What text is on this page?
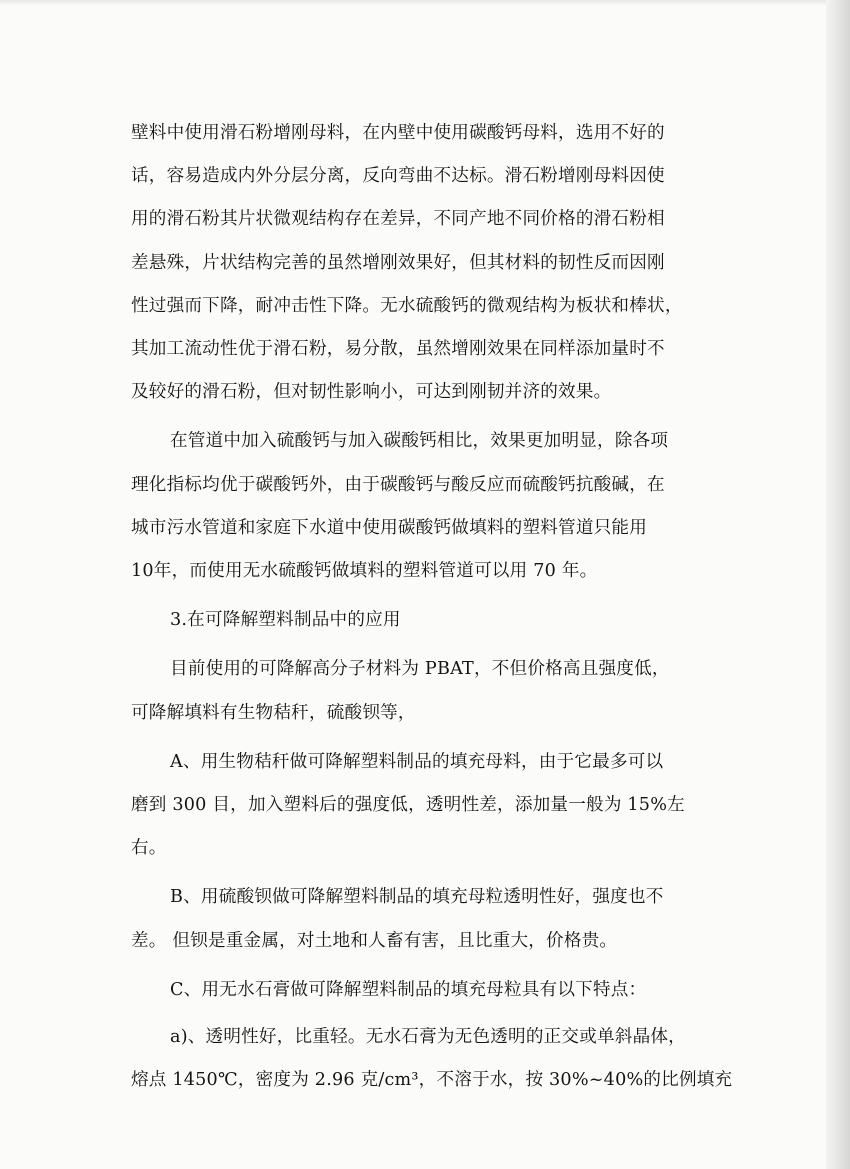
壁料中使用滑石粉增刚母料，在内壁中使用碳酸钙母料，选用不好的
话，容易造成内外分层分离，反向弯曲不达标。滑石粉增刚母料因使
用的滑石粉其片状微观结构存在差异，不同产地不同价格的滑石粉相
差悬殊，片状结构完善的虽然增刚效果好，但其材料的韧性反而因刚
性过强而下降，耐冲击性下降。无水硫酸钙的微观结构为板状和棒状，
其加工流动性优于滑石粉，易分散，虽然增刚效果在同样添加量时不
及较好的滑石粉，但对韧性影响小，可达到刚韧并济的效果。

在管道中加入硫酸钙与加入碳酸钙相比，效果更加明显，除各项
理化指标均优于碳酸钙外，由于碳酸钙与酸反应而硫酸钙抗酸碱，在
城市污水管道和家庭下水道中使用碳酸钙做填料的塑料管道只能用
10年，而使用无水硫酸钙做填料的塑料管道可以用 70 年。

3.在可降解塑料制品中的应用

目前使用的可降解高分子材料为 PBAT，不但价格高且强度低，
可降解填料有生物秸秆，硫酸钡等，

A、用生物秸秆做可降解塑料制品的填充母料，由于它最多可以
磨到 300 目，加入塑料后的强度低，透明性差，添加量一般为 15%左
右。

B、用硫酸钡做可降解塑料制品的填充母粒透明性好，强度也不
差。 但钡是重金属，对土地和人畜有害，且比重大，价格贵。

C、用无水石膏做可降解塑料制品的填充母粒具有以下特点：

a)、透明性好，比重轻。无水石膏为无色透明的正交或单斜晶体，
熔点 1450℃，密度为 2.96 克/cm³，不溶于水，按 30%~40%的比例填充
